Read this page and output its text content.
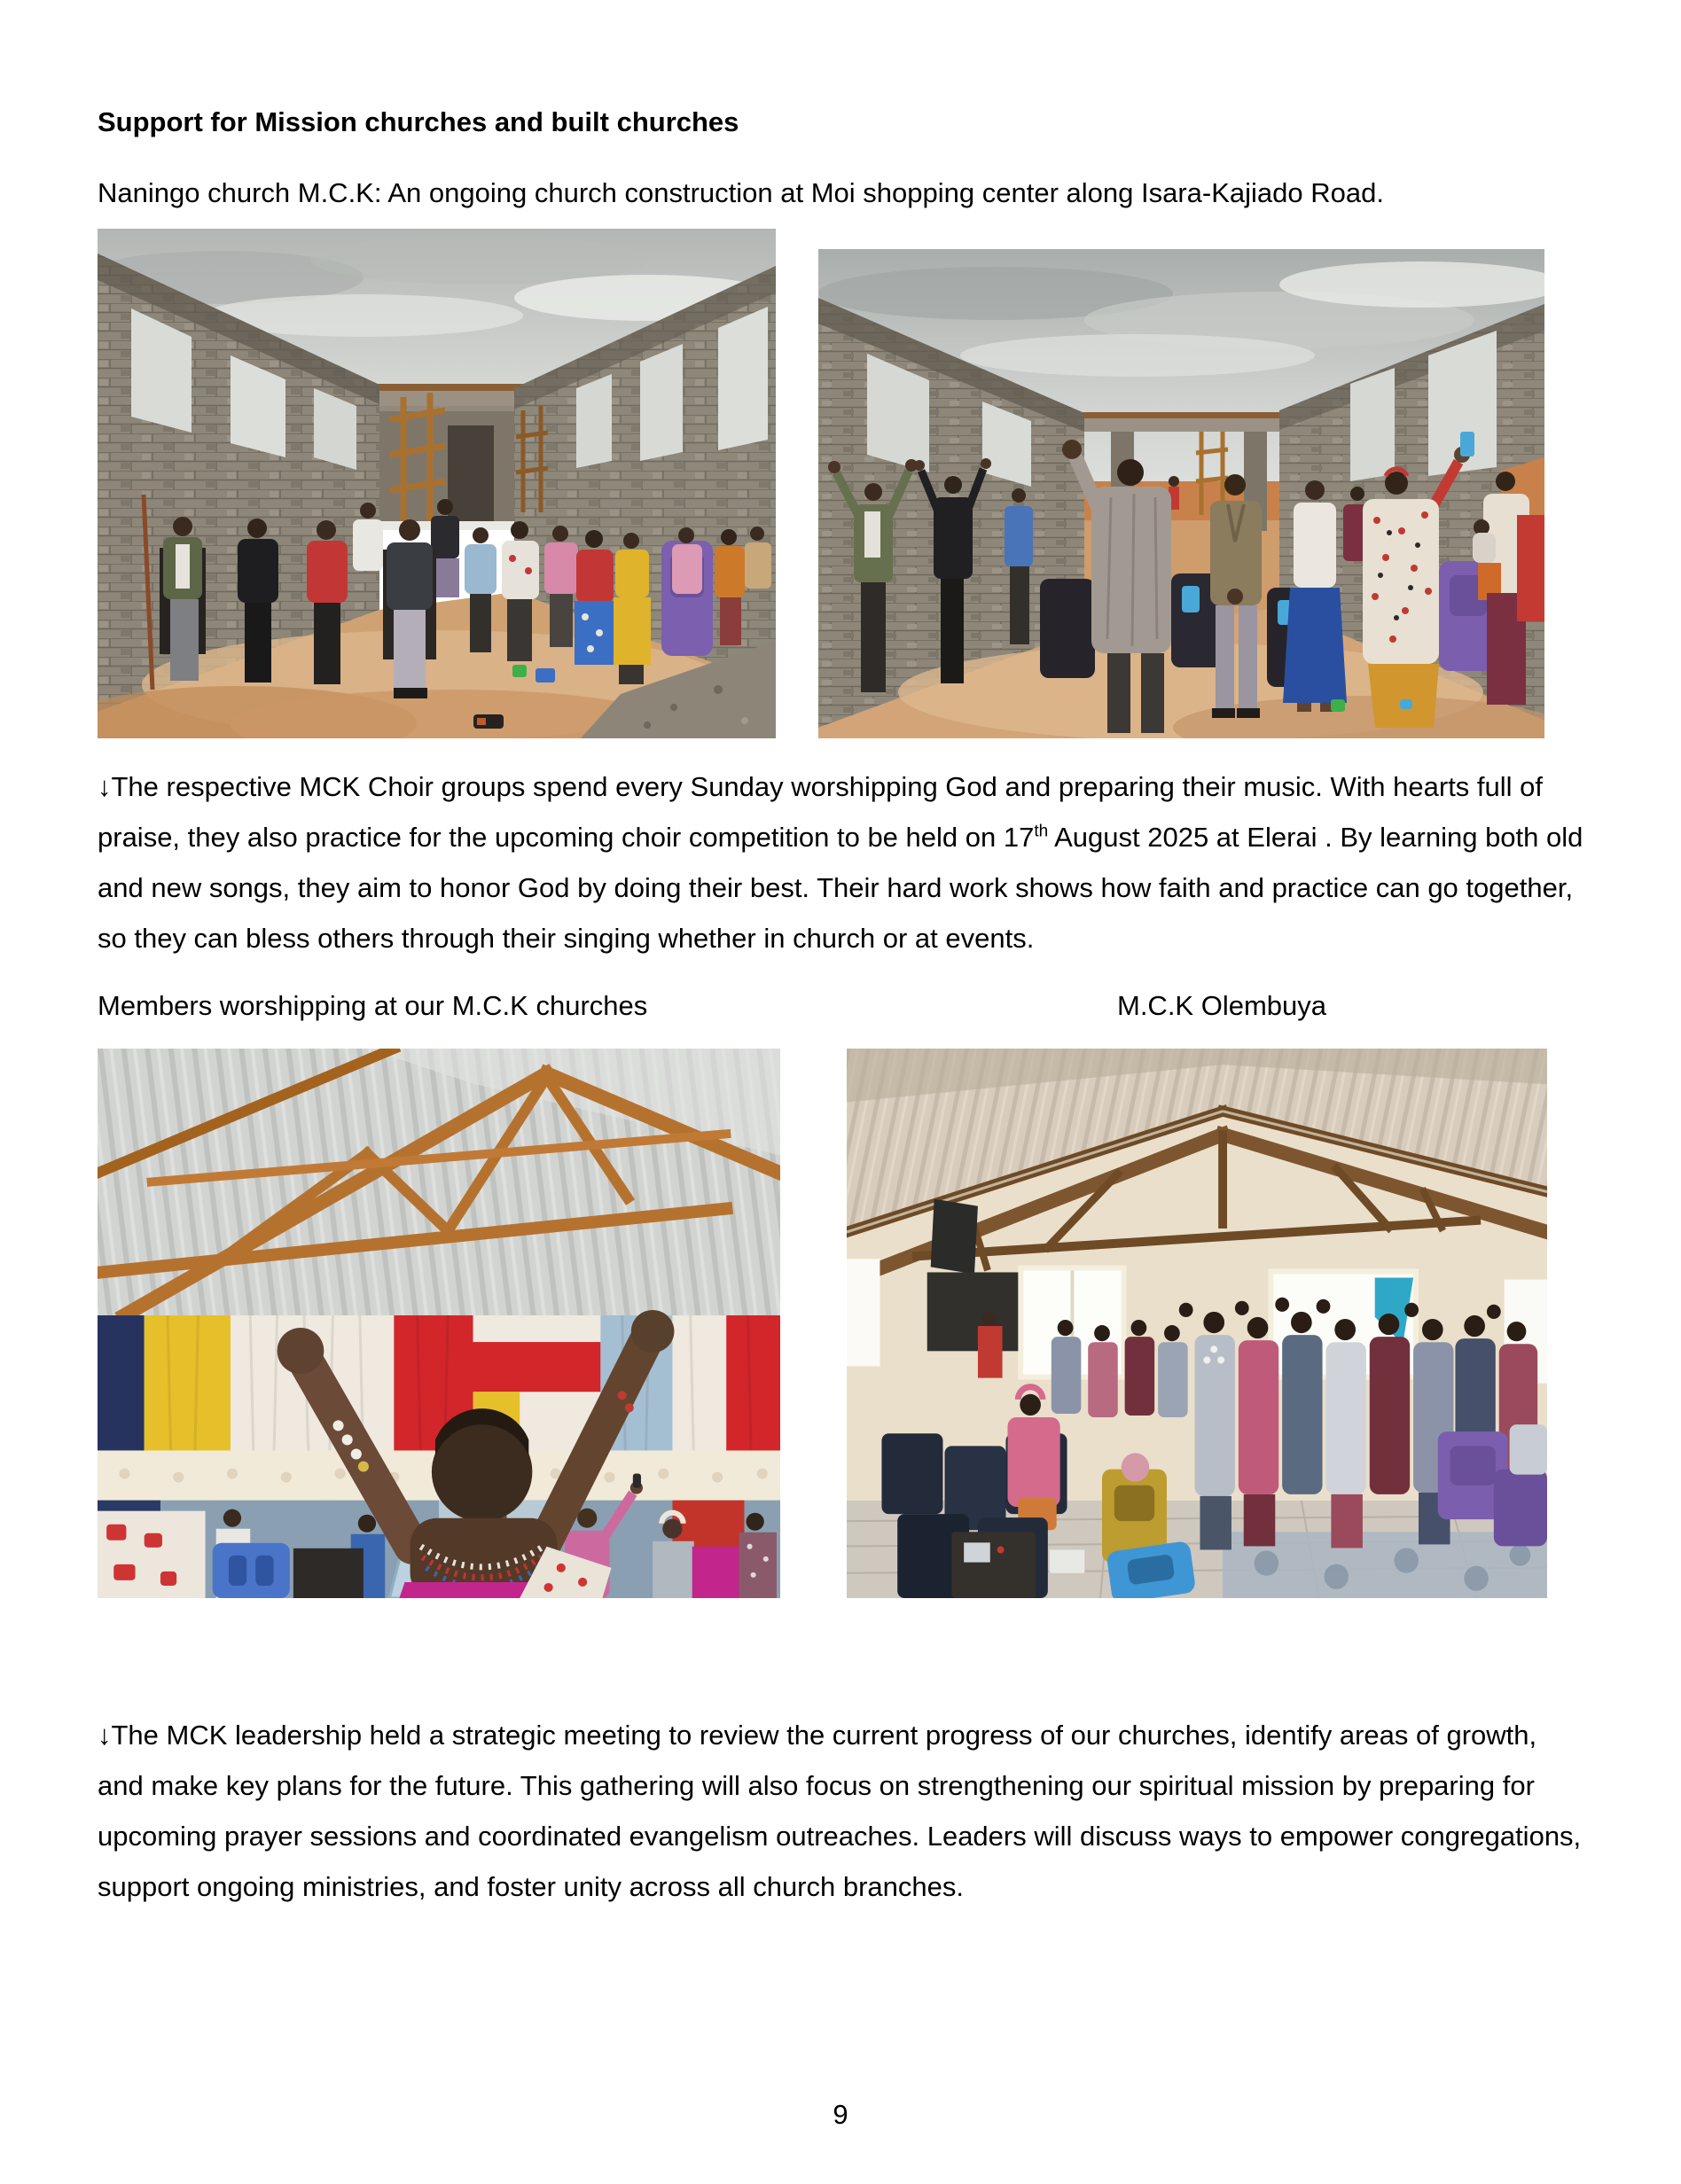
Support for Mission churches and built churches

Naningo church M.C.K: An ongoing church construction at Moi shopping center along Isara-Kajiado Road.

↓The respective MCK Choir groups spend every Sunday worshipping God and preparing their music. With hearts full of praise, they also practice for the upcoming choir competition to be held on 17th August 2025 at Elerai . By learning both old and new songs, they aim to honor God by doing their best. Their hard work shows how faith and practice can go together, so they can bless others through their singing whether in church or at events.

Members worshipping at our M.C.K churches	M.C.K Olembuya

↓The MCK leadership held a strategic meeting to review the current progress of our churches, identify areas of growth, and make key plans for the future. This gathering will also focus on strengthening our spiritual mission by preparing for upcoming prayer sessions and coordinated evangelism outreaches. Leaders will discuss ways to empower congregations, support ongoing ministries, and foster unity across all church branches.

9
